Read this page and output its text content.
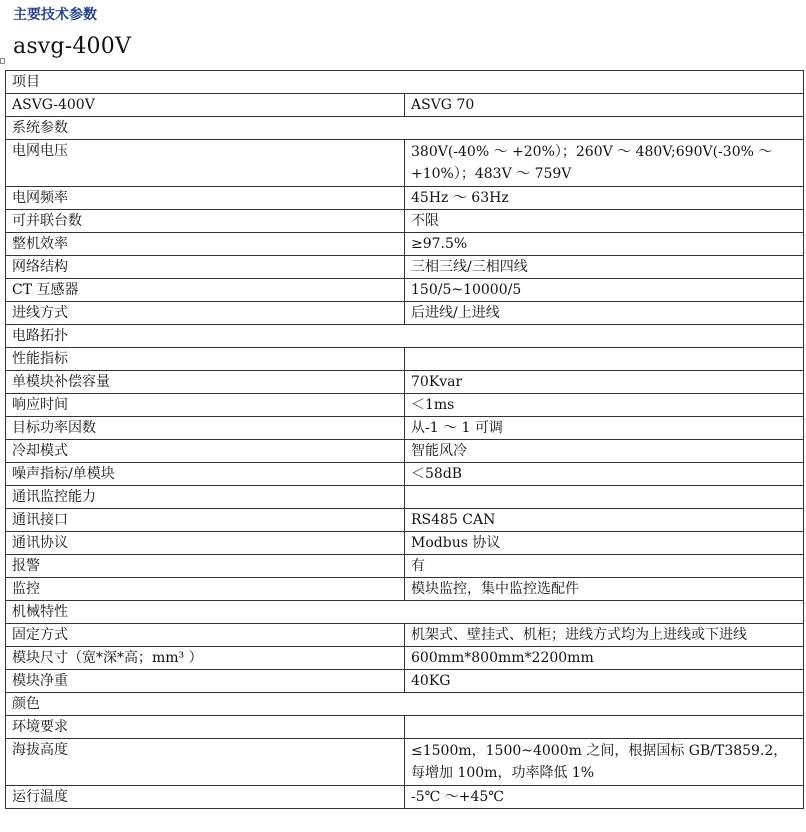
主要技术参数
asvg-400V
项目	
ASVG-400V	ASVG 70
系统参数	
电网电压	380V(-40% ～ +20%）；260V ～ 480V;690V(-30% ～ +10%）；483V ～ 759V
电网频率	45Hz ～ 63Hz
可并联台数	不限
整机效率	≥97.5%
网络结构	三相三线/三相四线
CT 互感器	150/5~10000/5
进线方式	后进线/上进线
电路拓扑	
性能指标	
单模块补偿容量	70Kvar
响应时间	＜1ms
目标功率因数	从-1 ～ 1 可调
冷却模式	智能风冷
噪声指标/单模块	＜58dB
通讯监控能力	
通讯接口	RS485 CAN
通讯协议	Modbus 协议
报警	有
监控	模块监控，集中监控选配件
机械特性	
固定方式	机架式、壁挂式、机柜；进线方式均为上进线或下进线
模块尺寸（宽*深*高；mm³ ）	600mm*800mm*2200mm
模块净重	40KG
颜色	
环境要求	
海拔高度	≤1500m，1500~4000m 之间，根据国标 GB/T3859.2，每增加 100m，功率降低 1%
运行温度	-5℃ ～+45℃
